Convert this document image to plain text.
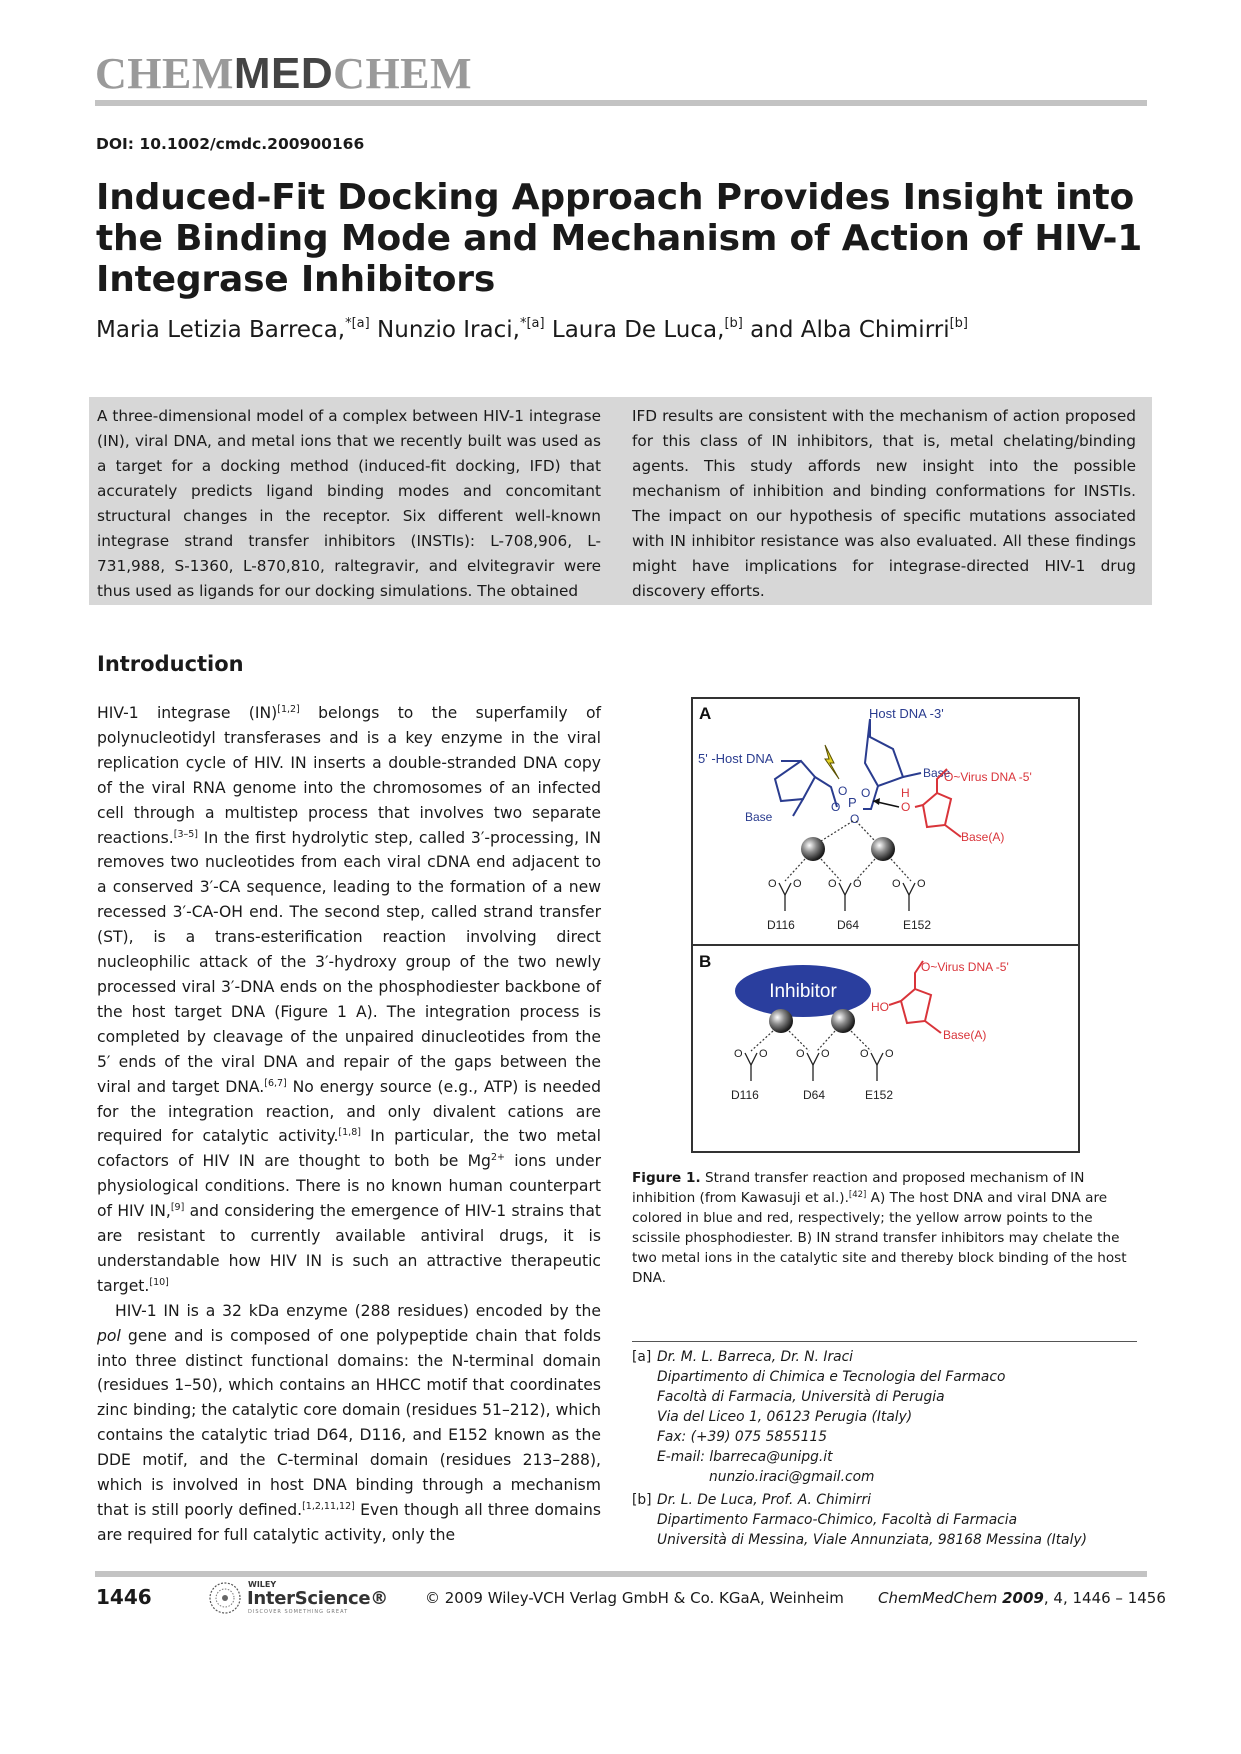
CHEMMEDCHEM
DOI: 10.1002/cmdc.200900166
Induced-Fit Docking Approach Provides Insight into the Binding Mode and Mechanism of Action of HIV-1 Integrase Inhibitors
Maria Letizia Barreca,$^{*[a]}$ Nunzio Iraci,$^{*[a]}$ Laura De Luca,[b] and Alba Chimirri[b]
A three-dimensional model of a complex between HIV-1 integrase (IN), viral DNA, and metal ions that we recently built was used as a target for a docking method (induced-fit docking, IFD) that accurately predicts ligand binding modes and concomitant structural changes in the receptor. Six different well-known integrase strand transfer inhibitors (INSTIs): L-708,906, L-731,988, S-1360, L-870,810, raltegravir, and elvitegravir were thus used as ligands for our docking simulations. The obtained
IFD results are consistent with the mechanism of action proposed for this class of IN inhibitors, that is, metal chelating/binding agents. This study affords new insight into the possible mechanism of inhibition and binding conformations for INSTIs. The impact on our hypothesis of specific mutations associated with IN inhibitor resistance was also evaluated. All these findings might have implications for integrase-directed HIV-1 drug discovery efforts.
Introduction

HIV-1 integrase (IN)[1,2] belongs to the superfamily of polynucleotidyl transferases and is a key enzyme in the viral replication cycle of HIV. IN inserts a double-stranded DNA copy of the viral RNA genome into the chromosomes of an infected cell through a multistep process that involves two separate reactions.[3–5] In the first hydrolytic step, called 3′-processing, IN removes two nucleotides from each viral cDNA end adjacent to a conserved 3′-CA sequence, leading to the formation of a new recessed 3′-CA-OH end. The second step, called strand transfer (ST), is a trans-esterification reaction involving direct nucleophilic attack of the 3′-hydroxy group of the two newly processed viral 3′-DNA ends on the phosphodiester backbone of the host target DNA (Figure 1 A). The integration process is completed by cleavage of the unpaired dinucleotides from the 5′ ends of the viral DNA and repair of the gaps between the viral and target DNA.[6,7] No energy source (e.g., ATP) is needed for the integration reaction, and only divalent cations are required for catalytic activity.[1,8] In particular, the two metal cofactors of HIV IN are thought to both be $Mg^{2+}$ ions under physiological conditions. There is no known human counterpart of HIV IN,[9] and considering the emergence of HIV-1 strains that are resistant to currently available antiviral drugs, it is understandable how HIV IN is such an attractive therapeutic target.[10]

HIV-1 IN is a 32 kDa enzyme (288 residues) encoded by the pol gene and is composed of one polypeptide chain that folds into three distinct functional domains: the N-terminal domain (residues 1–50), which contains an HHCC motif that coordinates zinc binding; the catalytic core domain (residues 51–212), which contains the catalytic triad D64, D116, and E152 known as the DDE motif, and the C-terminal domain (residues 213–288), which is involved in host DNA binding through a mechanism that is still poorly defined.[1,2,11,12] Even though all three domains are required for full catalytic activity, only the

A	Host DNA -3'
5' -Host DNA
Base
Base
O
P
O
O
O
O~Virus DNA -5'
H
O
Base(A)
O O O O	O O
D116	D64	E152
B
Inhibitor
O~Virus DNA -5'
HO
Base(A)
O O	O O	O O
D116	D64	E152
Figure 1. Strand transfer reaction and proposed mechanism of IN inhibition (from Kawasuji et al.).[42] A) The host DNA and viral DNA are colored in blue and red, respectively; the yellow arrow points to the scissile phosphodiester. B) IN strand transfer inhibitors may chelate the two metal ions in the catalytic site and thereby block binding of the host DNA.
[a] Dr. M. L. Barreca, Dr. N. Iraci
Dipartimento di Chimica e Tecnologia del Farmaco
Facoltà di Farmacia, Università di Perugia
Via del Liceo 1, 06123 Perugia (Italy)
Fax: (+39) 075 5855115
E-mail: lbarreca@unipg.it
nunzio.iraci@gmail.com
[b] Dr. L. De Luca, Prof. A. Chimirri
Dipartimento Farmaco-Chimico, Facoltà di Farmacia
Università di Messina, Viale Annunziata, 98168 Messina (Italy)
1446
WILEY
InterScience®
DISCOVER SOMETHING GREAT
© 2009 Wiley-VCH Verlag GmbH & Co. KGaA, Weinheim ChemMedChem 2009, 4, 1446 – 1456
